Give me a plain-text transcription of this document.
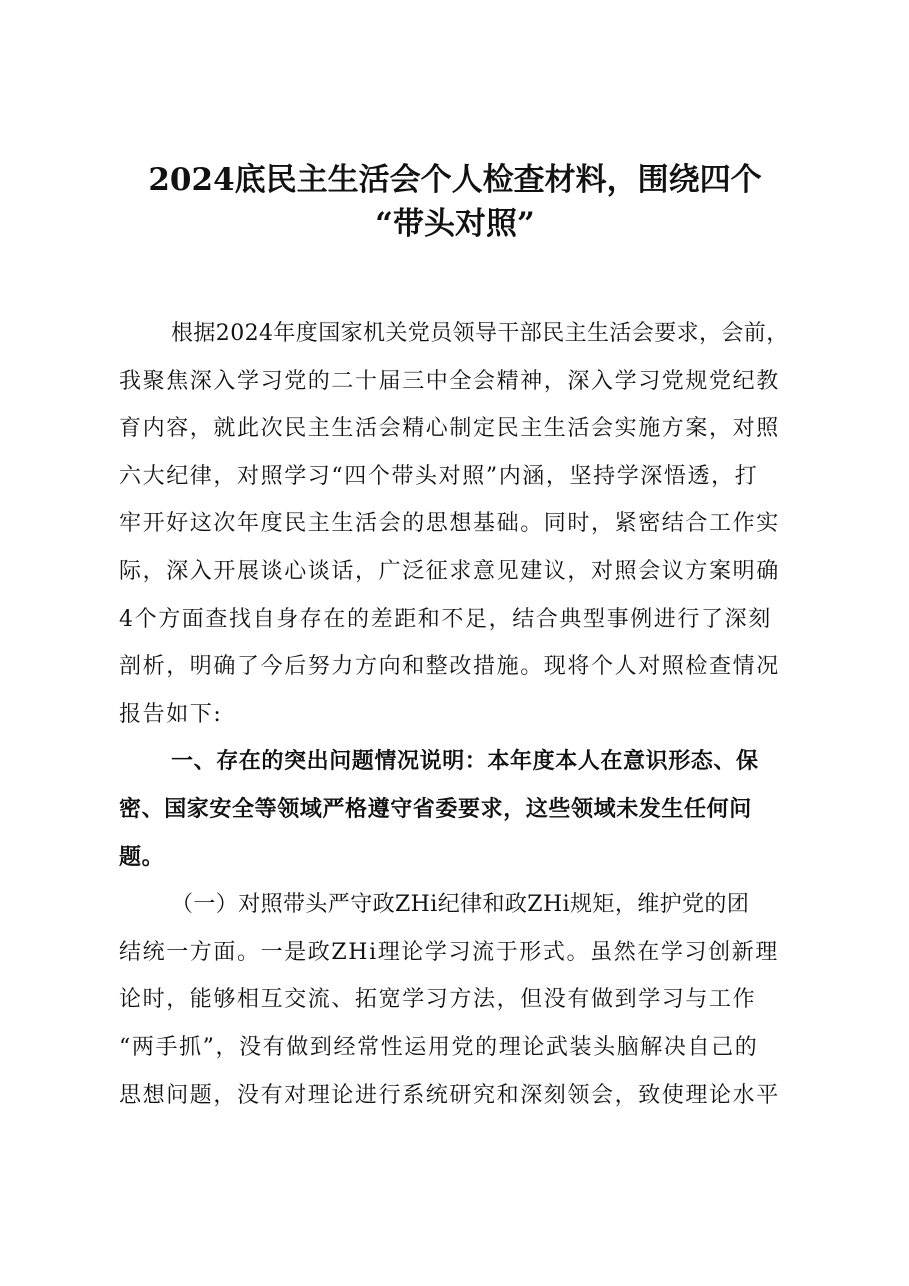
2024底民主生活会个人检查材料，围绕四个
“带头对照”
根据2024年度国家机关党员领导干部民主生活会要求，会前，
我聚焦深入学习党的二十届三中全会精神，深入学习党规党纪教
育内容，就此次民主生活会精心制定民主生活会实施方案，对照
六大纪律，对照学习“四个带头对照”内涵，坚持学深悟透，打
牢开好这次年度民主生活会的思想基础。同时，紧密结合工作实
际，深入开展谈心谈话，广泛征求意见建议，对照会议方案明确
4个方面查找自身存在的差距和不足，结合典型事例进行了深刻
剖析，明确了今后努力方向和整改措施。现将个人对照检查情况
报告如下:
一、存在的突出问题情况说明：本年度本人在意识形态、保
密、国家安全等领域严格遵守省委要求，这些领域未发生任何问
题。
（一）对照带头严守政ZHi纪律和政ZHi规矩，维护党的团
结统一方面。一是政ZHi理论学习流于形式。虽然在学习创新理
论时，能够相互交流、拓宽学习方法，但没有做到学习与工作
“两手抓”，没有做到经常性运用党的理论武装头脑解决自己的
思想问题，没有对理论进行系统研究和深刻领会，致使理论水平
